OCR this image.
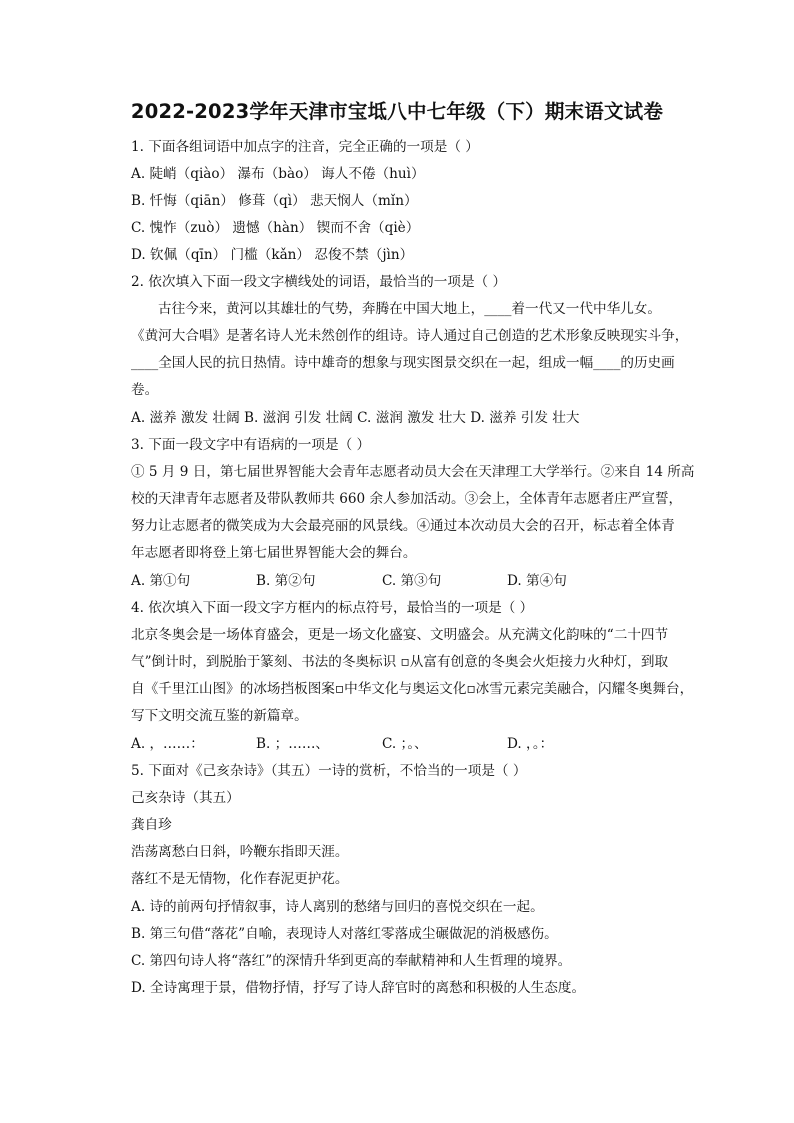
2022-2023学年天津市宝坻八中七年级（下）期末语文试卷
1. 下面各组词语中加点字的注音，完全正确的一项是（ ）
A. 陡峭（qiào） 瀑布（bào） 诲人不倦（huì）
B. 忏悔（qiān） 修葺（qì） 悲天悯人（mǐn）
C. 愧怍（zuò） 遗憾（hàn） 锲而不舍（qiè）
D. 钦佩（qīn） 门槛（kǎn） 忍俊不禁（jìn）
2. 依次填入下面一段文字横线处的词语，最恰当的一项是（ ）
古往今来，黄河以其雄壮的气势，奔腾在中国大地上，____着一代又一代中华儿女。
《黄河大合唱》是著名诗人光未然创作的组诗。诗人通过自己创造的艺术形象反映现实斗争，
____全国人民的抗日热情。诗中雄奇的想象与现实图景交织在一起，组成一幅____的历史画
卷。
A. 滋养 激发 壮阔 B. 滋润 引发 壮阔 C. 滋润 激发 壮大 D. 滋养 引发 壮大
3. 下面一段文字中有语病的一项是（ ）
① 5 月 9 日，第七届世界智能大会青年志愿者动员大会在天津理工大学举行。②来自 14 所高
校的天津青年志愿者及带队教师共 660 余人参加活动。③会上，全体青年志愿者庄严宣誓，
努力让志愿者的微笑成为大会最亮丽的风景线。④通过本次动员大会的召开，标志着全体青
年志愿者即将登上第七届世界智能大会的舞台。
A. 第①句	B. 第②句	C. 第③句	D. 第④句
4. 依次填入下面一段文字方框内的标点符号，最恰当的一项是（ ）
北京冬奥会是一场体育盛会，更是一场文化盛宴、文明盛会。从充满文化韵味的“二十四节
气”倒计时，到脱胎于篆刻、书法的冬奥标识 ▫从富有创意的冬奥会火炬接力火种灯，到取
自《千里江山图》的冰场挡板图案▫中华文化与奥运文化▫冰雪元素完美融合，闪耀冬奥舞台，
写下文明交流互鉴的新篇章。
A. ，……：	B. ；……、	C. ；。、	D. ，。：
5. 下面对《己亥杂诗》（其五）一诗的赏析，不恰当的一项是（ ）
己亥杂诗（其五）
龚自珍
浩荡离愁白日斜，吟鞭东指即天涯。
落红不是无情物，化作春泥更护花。
A. 诗的前两句抒情叙事，诗人离别的愁绪与回归的喜悦交织在一起。
B. 第三句借“落花”自喻，表现诗人对落红零落成尘碾做泥的消极感伤。
C. 第四句诗人将“落红”的深情升华到更高的奉献精神和人生哲理的境界。
D. 全诗寓理于景，借物抒情，抒写了诗人辞官时的离愁和积极的人生态度。
